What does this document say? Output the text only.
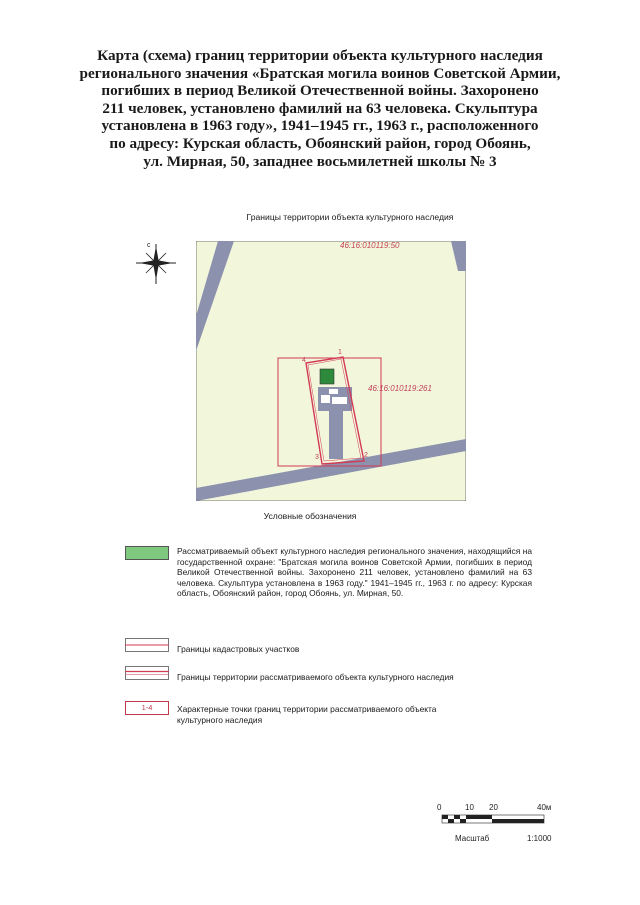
Карта (схема) границ территории объекта культурного наследия
регионального значения «Братская могила воинов Советской Армии,
погибших в период Великой Отечественной войны. Захоронено
211 человек, установлено фамилий на 63 человека. Скульптура
установлена в 1963 году», 1941–1945 гг., 1963 г., расположенного
по адресу: Курская область, Обоянский район, город Обоянь,
ул. Мирная, 50, западнее восьмилетней школы № 3
Границы территории объекта культурного наследия
с	46:16:010119:50
46:16:010119:261
1
2
3
4
Условные обозначения
Рассматриваемый объект культурного наследия регионального значения, находящийся на государственной охране: "Братская могила воинов Советской Армии, погибших в период Великой Отечественной войны. Захоронено 211 человек, установлено фамилий на 63 человека. Скульптура установлена в 1963 году." 1941–1945 гг., 1963 г. по адресу: Курская область, Обоянский район, город Обоянь, ул. Мирная, 50.
Границы кадастровых участков
Границы территории рассматриваемого объекта культурного наследия
1-4	Характерные точки границ территории рассматриваемого объекта культурного наследия
0	10 20	40м
Масштаб	1:1000
